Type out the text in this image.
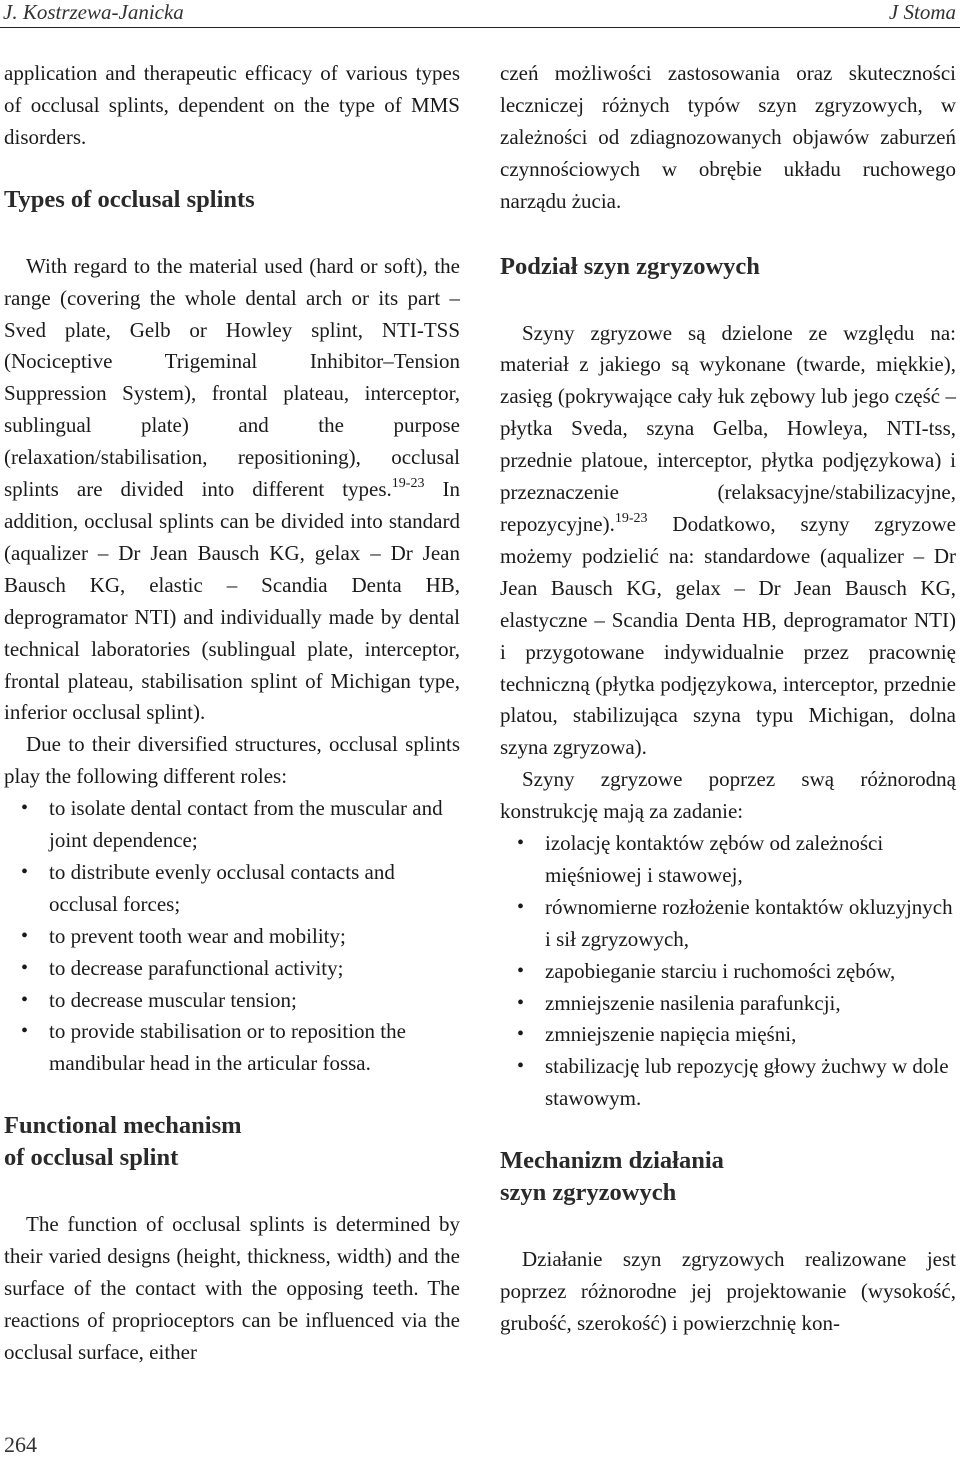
J. Kostrzewa-Janicka	J Stoma

application and therapeutic efficacy of various types of occlusal splints, dependent on the type of MMS disorders.

Types of occlusal splints

With regard to the material used (hard or soft), the range (covering the whole dental arch or its part – Sved plate, Gelb or Howley splint, NTI-TSS (Nociceptive Trigeminal Inhibitor–Tension Suppression System), frontal plateau, interceptor, sublingual plate) and the purpose (relaxation/stabilisation, repositioning), occlusal splints are divided into different types.$^{19-23}$ In addition, occlusal splints can be divided into standard (aqualizer – Dr Jean Bausch KG, gelax – Dr Jean Bausch KG, elastic – Scandia Denta HB, deprogramator NTI) and individually made by dental technical laboratories (sublingual plate, interceptor, frontal plateau, stabilisation splint of Michigan type, inferior occlusal splint).

Due to their diversified structures, occlusal splints play the following different roles:

• to isolate dental contact from the muscular and joint dependence;
• to distribute evenly occlusal contacts and occlusal forces;
• to prevent tooth wear and mobility;
• to decrease parafunctional activity;
• to decrease muscular tension;
• to provide stabilisation or to reposition the mandibular head in the articular fossa.
Functional mechanism
of occlusal splint

The function of occlusal splints is determined by their varied designs (height, thickness, width) and the surface of the contact with the opposing teeth. The reactions of proprioceptors can be influenced via the occlusal surface, either

czeń możliwości zastosowania oraz skuteczności leczniczej różnych typów szyn zgryzowych, w zależności od zdiagnozowanych objawów zaburzeń czynnościowych w obrębie układu ruchowego narządu żucia.

Podział szyn zgryzowych

Szyny zgryzowe są dzielone ze względu na: materiał z jakiego są wykonane (twarde, miękkie), zasięg (pokrywające cały łuk zębowy lub jego część – płytka Sveda, szyna Gelba, Howleya, NTI-tss, przednie platoue, interceptor, płytka podjęzykowa) i przeznaczenie (relaksacyjne/stabilizacyjne, repozycyjne).$^{19-23}$ Dodatkowo, szyny zgryzowe możemy podzielić na: standardowe (aqualizer – Dr Jean Bausch KG, gelax – Dr Jean Bausch KG, elastyczne – Scandia Denta HB, deprogramator NTI) i przygotowane indywidualnie przez pracownię techniczną (płytka podjęzykowa, interceptor, przednie platou, stabilizująca szyna typu Michigan, dolna szyna zgryzowa).

Szyny zgryzowe poprzez swą różnorodną konstrukcję mają za zadanie:

• izolację kontaktów zębów od zależności mięśniowej i stawowej,
• równomierne rozłożenie kontaktów okluzyjnych i sił zgryzowych,
• zapobieganie starciu i ruchomości zębów,
• zmniejszenie nasilenia parafunkcji,
• zmniejszenie napięcia mięśni,
• stabilizację lub repozycję głowy żuchwy w dole stawowym.
Mechanizm działania
szyn zgryzowych

Działanie szyn zgryzowych realizowane jest poprzez różnorodne jej projektowanie (wysokość, grubość, szerokość) i powierzchnię kon-

264
